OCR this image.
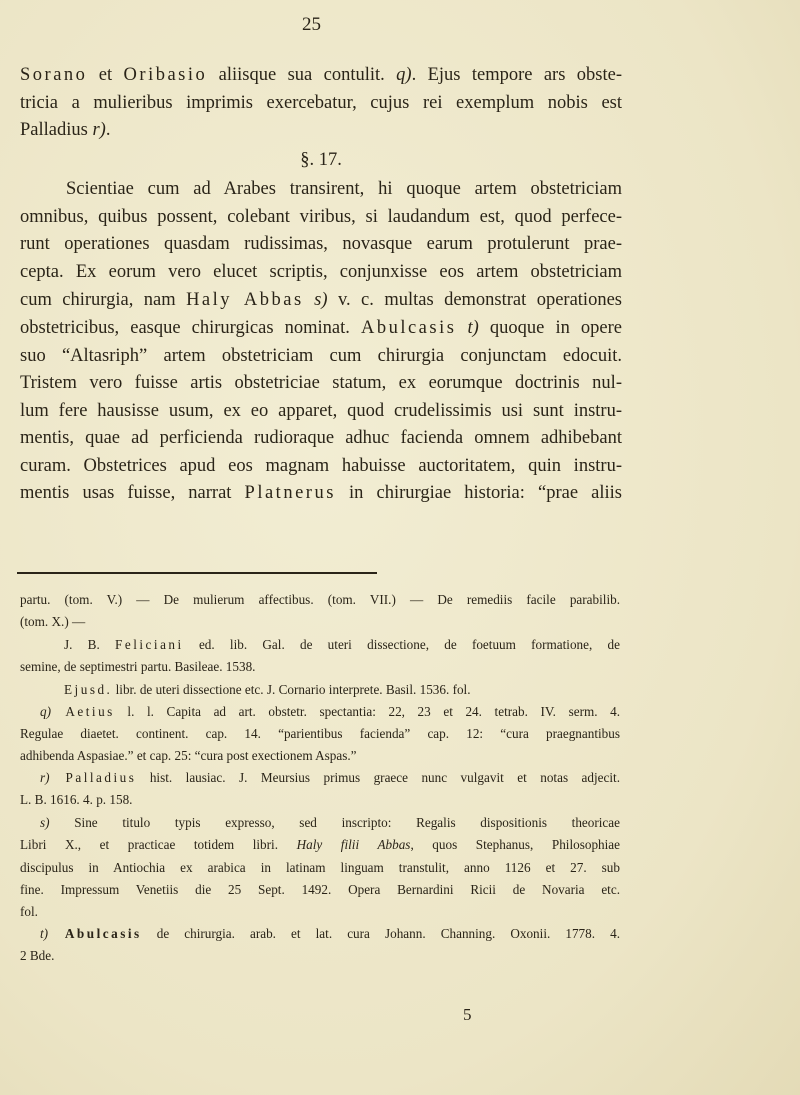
25
Sorano et Oribasio aliisque sua contulit. q). Ejus tempore ars obste-
tricia a mulieribus imprimis exercebatur, cujus rei exemplum nobis est
Palladius r).
§. 17.
Scientiae cum ad Arabes transirent, hi quoque artem obstetriciam
omnibus, quibus possent, colebant viribus, si laudandum est, quod perfece-
runt operationes quasdam rudissimas, novasque earum protulerunt prae-
cepta. Ex eorum vero elucet scriptis, conjunxisse eos artem obstetriciam
cum chirurgia, nam Haly Abbas s) v. c. multas demonstrat operationes
obstetricibus, easque chirurgicas nominat. Abulcasis t) quoque in opere
suo “Altasriph” artem obstetriciam cum chirurgia conjunctam edocuit.
Tristem vero fuisse artis obstetriciae statum, ex eorumque doctrinis nul-
lum fere hausisse usum, ex eo apparet, quod crudelissimis usi sunt instru-
mentis, quae ad perficienda rudioraque adhuc facienda omnem adhibebant
curam. Obstetrices apud eos magnam habuisse auctoritatem, quin instru-
mentis usas fuisse, narrat Platnerus in chirurgiae historia: “prae aliis
partu. (tom. V.) — De mulierum affectibus. (tom. VII.) — De remediis facile parabilib.
(tom. X.) —
J. B. Feliciani ed. lib. Gal. de uteri dissectione, de foetuum formatione, de
semine, de septimestri partu. Basileae. 1538.
Ejusd. libr. de uteri dissectione etc. J. Cornario interprete. Basil. 1536. fol.
q) Aetius l. l. Capita ad art. obstetr. spectantia: 22, 23 et 24. tetrab. IV. serm. 4.
Regulae diaetet. continent. cap. 14. “parientibus facienda” cap. 12: “cura praegnantibus
adhibenda Aspasiae.” et cap. 25: “cura post exectionem Aspas.”
r) Palladius hist. lausiac. J. Meursius primus graece nunc vulgavit et notas adjecit.
L. B. 1616. 4. p. 158.
s) Sine titulo typis expresso, sed inscripto: Regalis dispositionis theoricae
Libri X., et practicae totidem libri. Haly filii Abbas, quos Stephanus, Philosophiae
discipulus in Antiochia ex arabica in latinam linguam transtulit, anno 1126 et 27. sub
fine. Impressum Venetiis die 25 Sept. 1492. Opera Bernardini Ricii de Novaria etc.
fol.
t) Abulcasis de chirurgia. arab. et lat. cura Johann. Channing. Oxonii. 1778. 4.
2 Bde.
5
